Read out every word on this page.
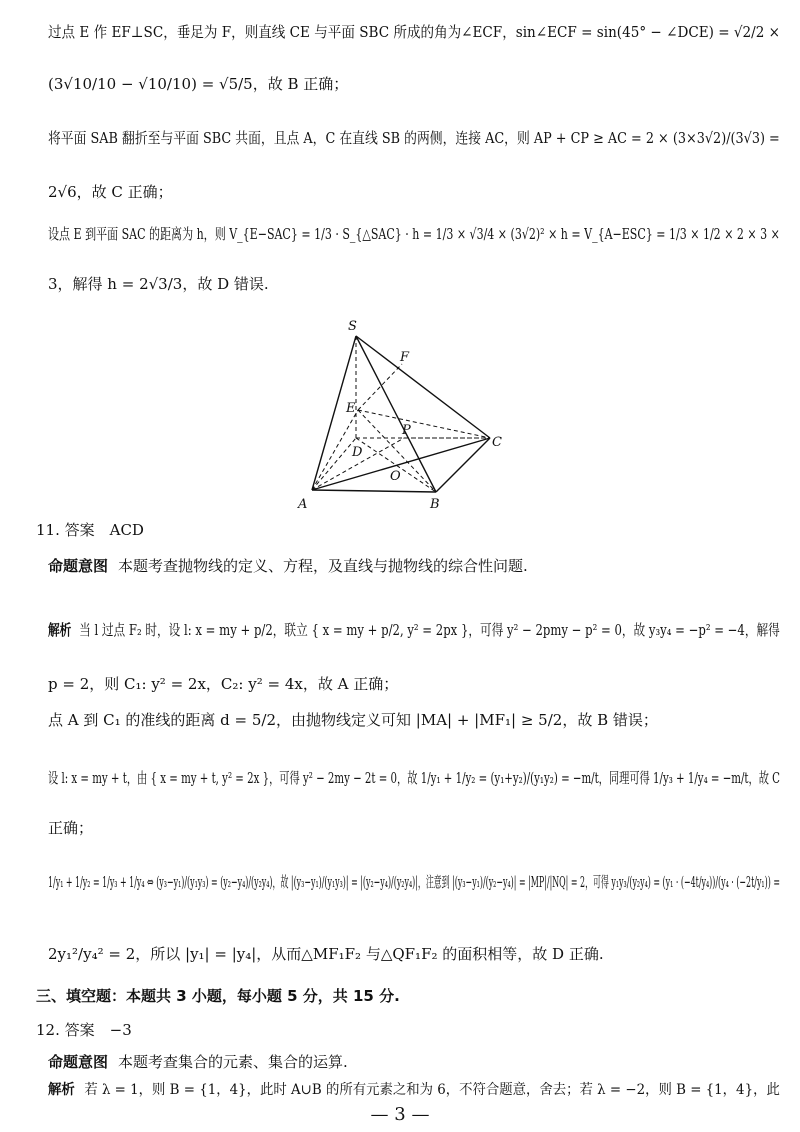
过点 E 作 EF⊥SC，垂足为 F，则直线 CE 与平面 SBC 所成的角为∠ECF，sin∠ECF = sin(45° − ∠DCE) = √2/2 ×
(3√10/10 − √10/10) = √5/5，故 B 正确；
将平面 SAB 翻折至与平面 SBC 共面，且点 A，C 在直线 SB 的两侧，连接 AC，则 AP + CP ≥ AC = 2 × (3×3√2)/(3√3) =
2√6，故 C 正确；
设点 E 到平面 SAC 的距离为 h，则 V_{E−SAC} = 1/3 · S_{△SAC} · h = 1/3 × √3/4 × (3√2)² × h = V_{A−ESC} = 1/3 × 1/2 × 2 × 3 ×
3，解得 h = 2√3/3，故 D 错误.
S
F
E
P
C
D
O
A	B
11. 答案　ACD
命题意图 本题考查抛物线的定义、方程，及直线与抛物线的综合性问题.
解析 当 l 过点 F₂ 时，设 l: x = my + p/2，联立 { x = my + p/2, y² = 2px }，可得 y² − 2pmy − p² = 0，故 y₃y₄ = −p² = −4，解得
p = 2，则 C₁: y² = 2x，C₂: y² = 4x，故 A 正确；
点 A 到 C₁ 的准线的距离 d = 5/2，由抛物线定义可知 |MA| + |MF₁| ≥ 5/2，故 B 错误；
设 l: x = my + t，由 { x = my + t, y² = 2x }，可得 y² − 2my − 2t = 0，故 1/y₁ + 1/y₂ = (y₁+y₂)/(y₁y₂) = −m/t，同理可得 1/y₃ + 1/y₄ = −m/t，故 C
正确；
1/y₁ + 1/y₂ = 1/y₃ + 1/y₄ ⇔ (y₃−y₁)/(y₁y₃) = (y₂−y₄)/(y₂y₄)，故 |(y₃−y₁)/(y₁y₃)| = |(y₂−y₄)/(y₂y₄)|，注意到 |(y₃−y₁)/(y₂−y₄)| = |MP|/|NQ| = 2，可得 y₁y₃/(y₂y₄) = (y₁ · (−4t/y₄))/(y₄ · (−2t/y₁)) =
2y₁²/y₄² = 2，所以 |y₁| = |y₄|，从而△MF₁F₂ 与△QF₁F₂ 的面积相等，故 D 正确.
三、填空题：本题共 3 小题，每小题 5 分，共 15 分.
12. 答案　−3
命题意图 本题考查集合的元素、集合的运算.
解析 若 λ = 1，则 B = {1，4}，此时 A∪B 的所有元素之和为 6，不符合题意，舍去；若 λ = −2，则 B = {1，4}，此
— 3 —
